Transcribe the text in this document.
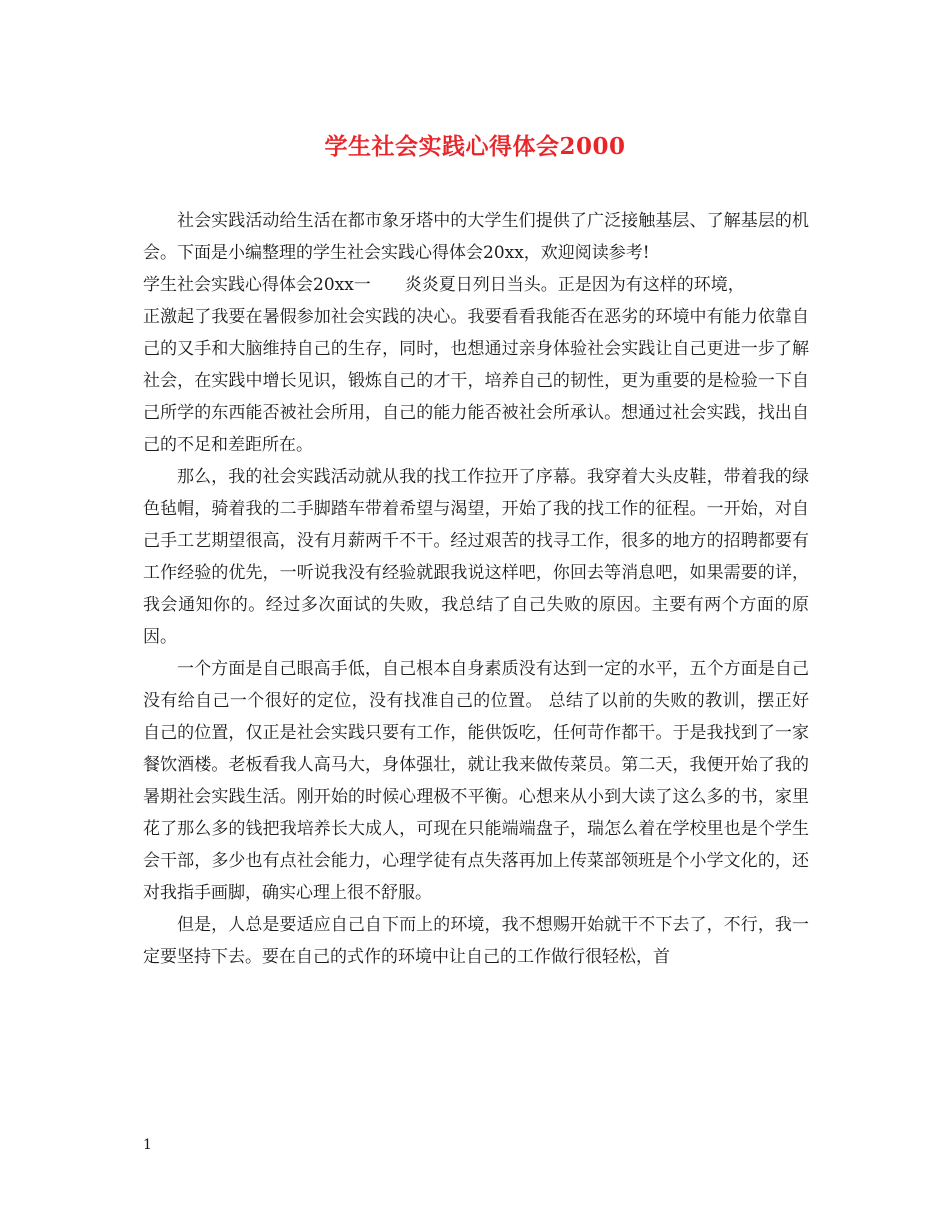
学生社会实践心得体会2000

社会实践活动给生活在都市象牙塔中的大学生们提供了广泛接触基层、了解基层的机会。下面是小编整理的学生社会实践心得体会20xx，欢迎阅读参考!

学生社会实践心得体会20xx一　　炎炎夏日列日当头。正是因为有这样的环境，

正激起了我要在暑假参加社会实践的决心。我要看看我能否在恶劣的环境中有能力依靠自己的又手和大脑维持自己的生存，同时，也想通过亲身体验社会实践让自己更进一步了解社会，在实践中增长见识，锻炼自己的才干，培养自己的韧性，更为重要的是检验一下自己所学的东西能否被社会所用，自己的能力能否被社会所承认。想通过社会实践，找出自己的不足和差距所在。

那么，我的社会实践活动就从我的找工作拉开了序幕。我穿着大头皮鞋，带着我的绿色毡帽，骑着我的二手脚踏车带着希望与渴望，开始了我的找工作的征程。一开始，对自己手工艺期望很高，没有月薪两千不干。经过艰苦的找寻工作，很多的地方的招聘都要有工作经验的优先，一听说我没有经验就跟我说这样吧，你回去等消息吧，如果需要的详，我会通知你的。经过多次面试的失败，我总结了自己失败的原因。主要有两个方面的原因。

一个方面是自己眼高手低，自己根本自身素质没有达到一定的水平，五个方面是自己没有给自己一个很好的定位，没有找准自己的位置。 总结了以前的失败的教训，摆正好自己的位置，仅正是社会实践只要有工作，能供饭吃，任何苛作都干。于是我找到了一家餐饮酒楼。老板看我人高马大，身体强壮，就让我来做传菜员。第二天，我便开始了我的暑期社会实践生活。刚开始的时候心理极不平衡。心想来从小到大读了这么多的书，家里花了那么多的钱把我培养长大成人，可现在只能端端盘子，瑞怎么着在学校里也是个学生会干部，多少也有点社会能力，心理学徒有点失落再加上传菜部领班是个小学文化的，还对我指手画脚，确实心理上很不舒服。

但是，人总是要适应自己自下而上的环境，我不想赐开始就干不下去了，不行，我一定要坚持下去。要在自己的式作的环境中让自己的工作做行很轻松，首

1
